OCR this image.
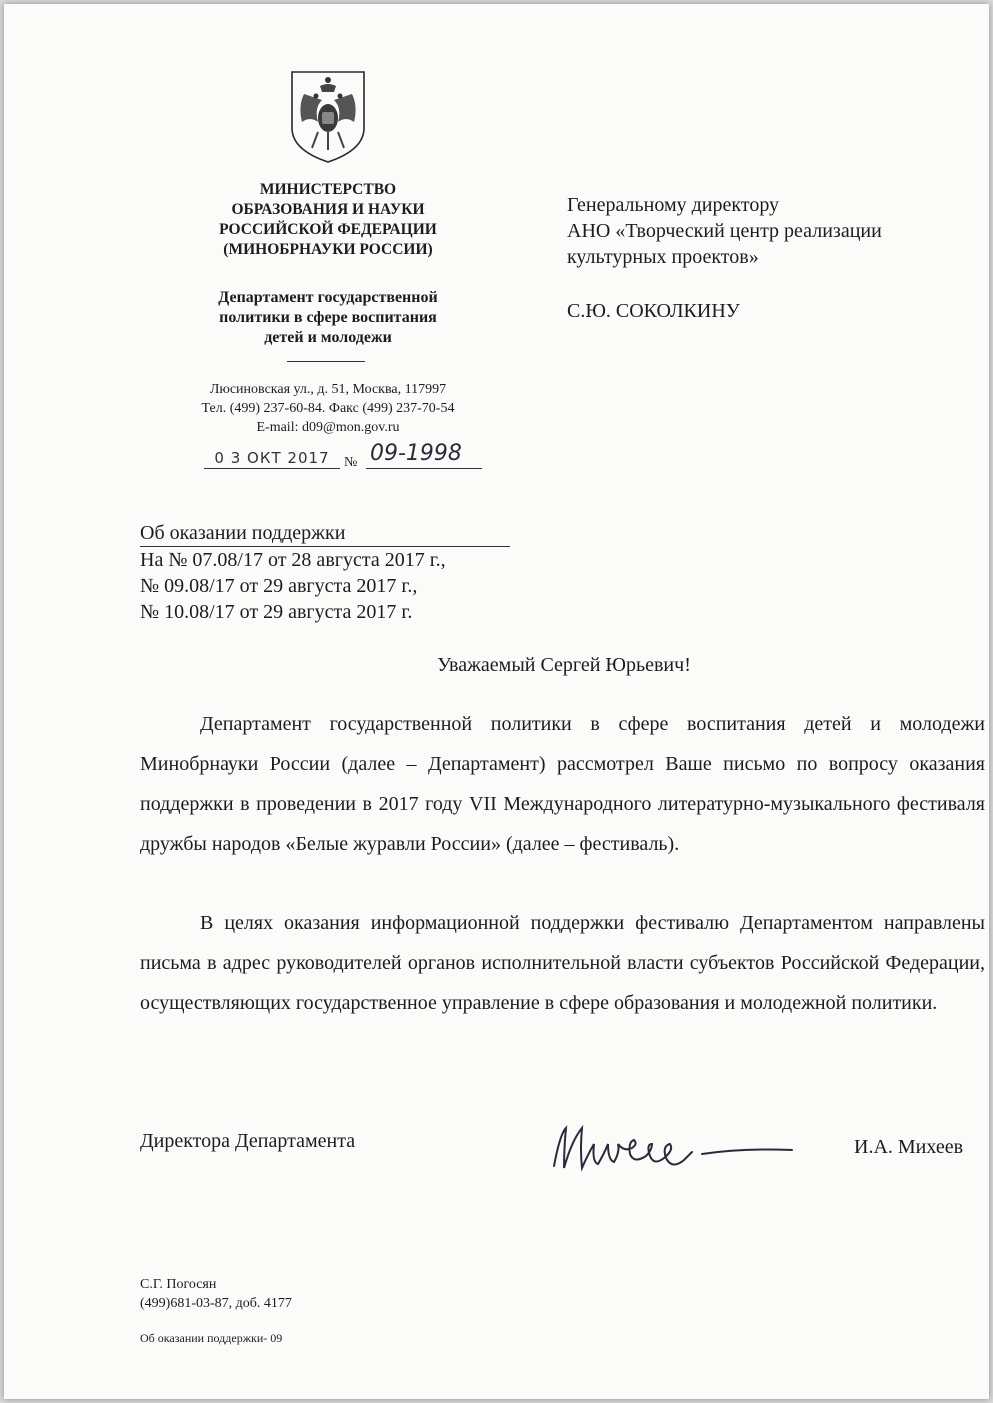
МИНИСТЕРСТВО
ОБРАЗОВАНИЯ И НАУКИ
РОССИЙСКОЙ ФЕДЕРАЦИИ
(МИНОБРНАУКИ РОССИИ)
Департамент государственной
политики в сфере воспитания
детей и молодежи
Люсиновская ул., д. 51, Москва, 117997
Тел. (499) 237-60-84. Факс (499) 237-70-54
E-mail: d09@mon.gov.ru
0 3 ОКТ 2017	№ 09-1998
Генеральному директору
АНО «Творческий центр реализации
культурных проектов»
С.Ю. СОКОЛКИНУ
Об оказании поддержки
На № 07.08/17 от 28 августа 2017 г.,
№ 09.08/17 от 29 августа 2017 г.,
№ 10.08/17 от 29 августа 2017 г.
Уважаемый Сергей Юрьевич!
Департамент государственной политики в сфере воспитания детей и молодежи Минобрнауки России (далее – Департамент) рассмотрел Ваше письмо по вопросу оказания поддержки в проведении в 2017 году VII Международного литературно-музыкального фестиваля дружбы народов «Белые журавли России» (далее – фестиваль).
В целях оказания информационной поддержки фестивалю Департаментом направлены письма в адрес руководителей органов исполнительной власти субъектов Российской Федерации, осуществляющих государственное управление в сфере образования и молодежной политики.
Директора Департамента	И.А. Михеев
С.Г. Погосян
(499)681-03-87, доб. 4177
Об оказании поддержки- 09
